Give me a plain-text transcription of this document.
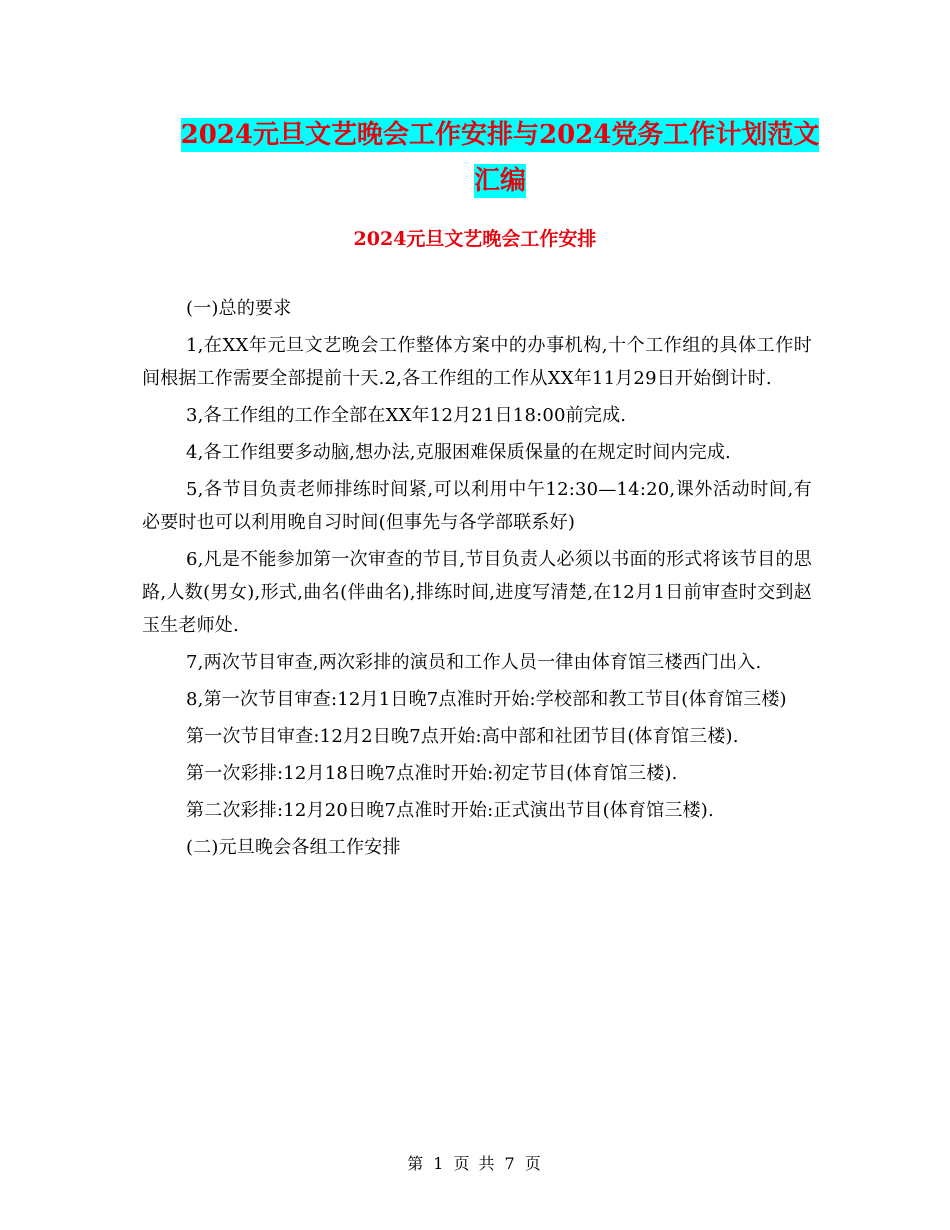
2024元旦文艺晚会工作安排与2024党务工作计划范文
汇编
2024元旦文艺晚会工作安排

(一)总的要求

1,在XX年元旦文艺晚会工作整体方案中的办事机构,十个工作组的具体工作时间根据工作需要全部提前十天.2,各工作组的工作从XX年11月29日开始倒计时.

3,各工作组的工作全部在XX年12月21日18:00前完成.

4,各工作组要多动脑,想办法,克服困难保质保量的在规定时间内完成.

5,各节目负责老师排练时间紧,可以利用中午12:30—14:20,课外活动时间,有必要时也可以利用晚自习时间(但事先与各学部联系好)

6,凡是不能参加第一次审查的节目,节目负责人必须以书面的形式将该节目的思路,人数(男女),形式,曲名(伴曲名),排练时间,进度写清楚,在12月1日前审查时交到赵玉生老师处.

7,两次节目审查,两次彩排的演员和工作人员一律由体育馆三楼西门出入.

8,第一次节目审查:12月1日晚7点准时开始:学校部和教工节目(体育馆三楼)

第一次节目审查:12月2日晚7点开始:高中部和社团节目(体育馆三楼).

第一次彩排:12月18日晚7点准时开始:初定节目(体育馆三楼).

第二次彩排:12月20日晚7点准时开始:正式演出节目(体育馆三楼).

(二)元旦晚会各组工作安排

第 1 页 共 7 页
